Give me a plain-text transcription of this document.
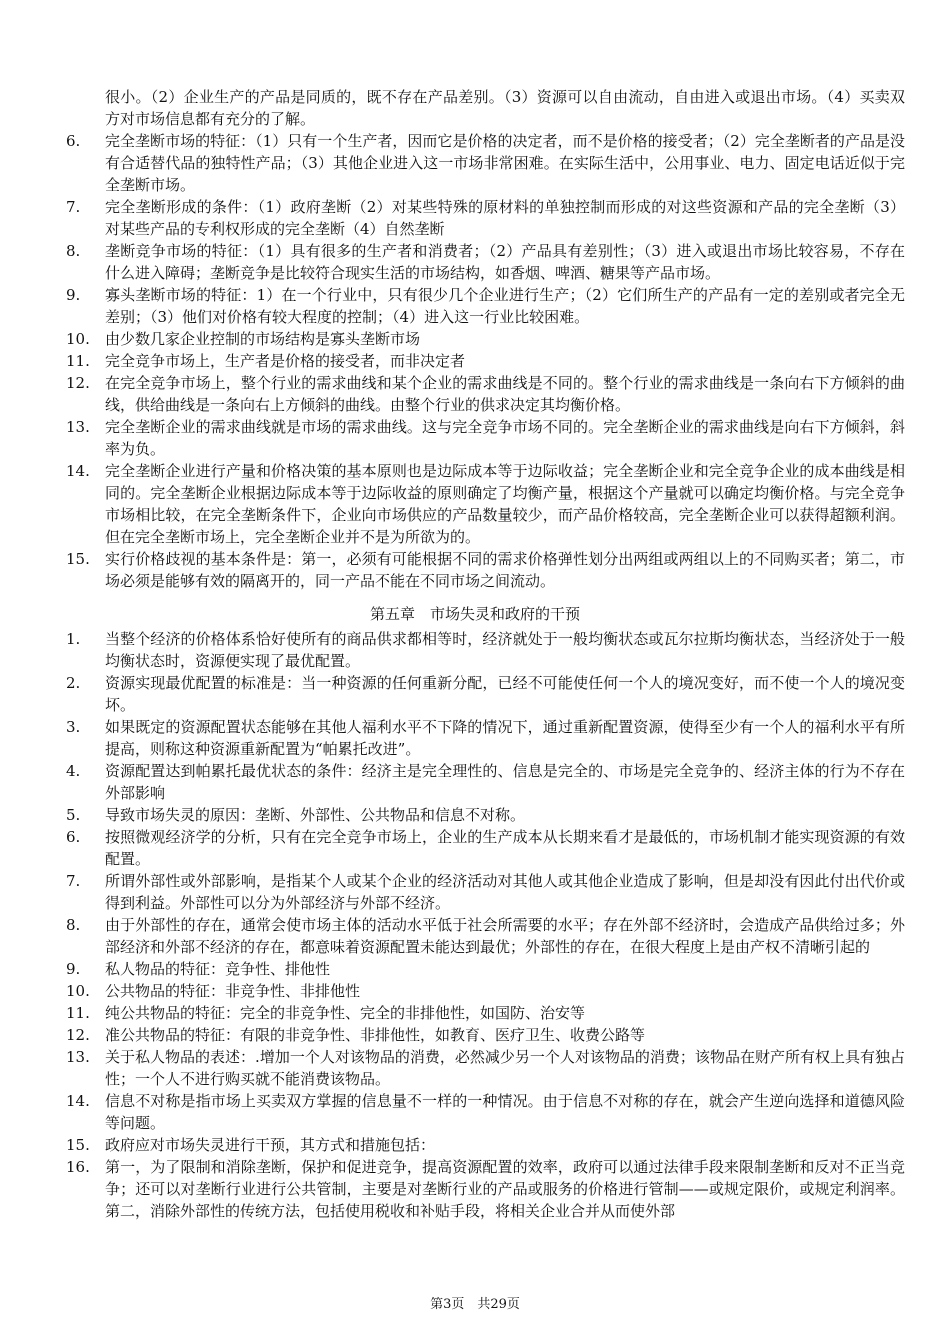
很小。（2）企业生产的产品是同质的，既不存在产品差别。（3）资源可以自由流动，自由进入或退出市场。（4）买卖双方对市场信息都有充分的了解。
6.	完全垄断市场的特征：（1）只有一个生产者，因而它是价格的决定者，而不是价格的接受者；（2）完全垄断者的产品是没有合适替代品的独特性产品；（3）其他企业进入这一市场非常困难。在实际生活中，公用事业、电力、固定电话近似于完全垄断市场。
7.	完全垄断形成的条件：（1）政府垄断（2）对某些特殊的原材料的单独控制而形成的对这些资源和产品的完全垄断（3）对某些产品的专利权形成的完全垄断（4）自然垄断
8.	垄断竞争市场的特征：（1）具有很多的生产者和消费者；（2）产品具有差别性；（3）进入或退出市场比较容易，不存在什么进入障碍；垄断竞争是比较符合现实生活的市场结构，如香烟、啤酒、糖果等产品市场。
9.	寡头垄断市场的特征：1）在一个行业中，只有很少几个企业进行生产；（2）它们所生产的产品有一定的差别或者完全无差别；（3）他们对价格有较大程度的控制；（4）进入这一行业比较困难。
10.	由少数几家企业控制的市场结构是寡头垄断市场
11.	完全竞争市场上，生产者是价格的接受者，而非决定者
12.	在完全竞争市场上，整个行业的需求曲线和某个企业的需求曲线是不同的。整个行业的需求曲线是一条向右下方倾斜的曲线，供给曲线是一条向右上方倾斜的曲线。由整个行业的供求决定其均衡价格。
13.	完全垄断企业的需求曲线就是市场的需求曲线。这与完全竞争市场不同的。完全垄断企业的需求曲线是向右下方倾斜，斜率为负。
14.	完全垄断企业进行产量和价格决策的基本原则也是边际成本等于边际收益；完全垄断企业和完全竞争企业的成本曲线是相同的。完全垄断企业根据边际成本等于边际收益的原则确定了均衡产量，根据这个产量就可以确定均衡价格。与完全竞争市场相比较，在完全垄断条件下，企业向市场供应的产品数量较少，而产品价格较高，完全垄断企业可以获得超额利润。但在完全垄断市场上，完全垄断企业并不是为所欲为的。
15.	实行价格歧视的基本条件是：第一，必须有可能根据不同的需求价格弹性划分出两组或两组以上的不同购买者；第二，市场必须是能够有效的隔离开的，同一产品不能在不同市场之间流动。
第五章　市场失灵和政府的干预
1.	当整个经济的价格体系恰好使所有的商品供求都相等时，经济就处于一般均衡状态或瓦尔拉斯均衡状态，当经济处于一般均衡状态时，资源便实现了最优配置。
2.	资源实现最优配置的标准是：当一种资源的任何重新分配，已经不可能使任何一个人的境况变好，而不使一个人的境况变坏。
3.	如果既定的资源配置状态能够在其他人福利水平不下降的情况下，通过重新配置资源，使得至少有一个人的福利水平有所提高，则称这种资源重新配置为“帕累托改进”。
4.	资源配置达到帕累托最优状态的条件：经济主是完全理性的、信息是完全的、市场是完全竞争的、经济主体的行为不存在外部影响
5.	导致市场失灵的原因：垄断、外部性、公共物品和信息不对称。
6.	按照微观经济学的分析，只有在完全竞争市场上，企业的生产成本从长期来看才是最低的，市场机制才能实现资源的有效配置。
7.	所谓外部性或外部影响，是指某个人或某个企业的经济活动对其他人或其他企业造成了影响，但是却没有因此付出代价或得到利益。外部性可以分为外部经济与外部不经济。
8.	由于外部性的存在，通常会使市场主体的活动水平低于社会所需要的水平；存在外部不经济时，会造成产品供给过多；外部经济和外部不经济的存在，都意味着资源配置未能达到最优；外部性的存在，在很大程度上是由产权不清晰引起的
9.	私人物品的特征：竞争性、排他性
10.	公共物品的特征：非竞争性、非排他性
11.	纯公共物品的特征：完全的非竞争性、完全的非排他性，如国防、治安等
12.	准公共物品的特征：有限的非竞争性、非排他性，如教育、医疗卫生、收费公路等
13.	关于私人物品的表述：.增加一个人对该物品的消费，必然减少另一个人对该物品的消费；该物品在财产所有权上具有独占性；一个人不进行购买就不能消费该物品。
14.	信息不对称是指市场上买卖双方掌握的信息量不一样的一种情况。由于信息不对称的存在，就会产生逆向选择和道德风险等问题。
15.	政府应对市场失灵进行干预，其方式和措施包括：
16.	第一，为了限制和消除垄断，保护和促进竞争，提高资源配置的效率，政府可以通过法律手段来限制垄断和反对不正当竞争；还可以对垄断行业进行公共管制，主要是对垄断行业的产品或服务的价格进行管制——或规定限价，或规定利润率。第二，消除外部性的传统方法，包括使用税收和补贴手段，将相关企业合并从而使外部
第3页　共29页
